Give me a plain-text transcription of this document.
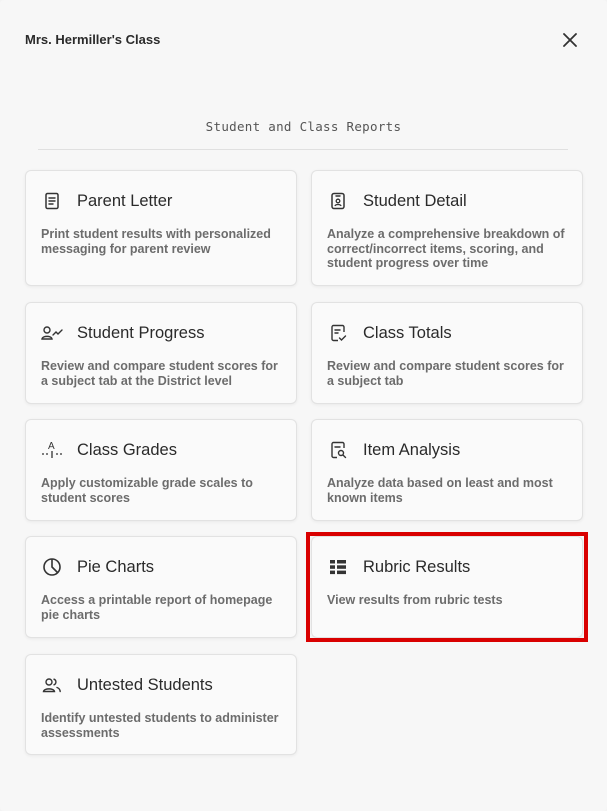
Mrs. Hermiller's Class
Student and Class Reports
Parent Letter
Print student results with personalized messaging for parent review
Student Detail
Analyze a comprehensive breakdown of correct/incorrect items, scoring, and student progress over time
Student Progress
Review and compare student scores for a subject tab at the District level
Class Totals
Review and compare student scores for a subject tab
A Class Grades
Apply customizable grade scales to student scores
Item Analysis
Analyze data based on least and most known items
Pie Charts
Access a printable report of homepage pie charts
Rubric Results
View results from rubric tests
Untested Students
Identify untested students to administer assessments
